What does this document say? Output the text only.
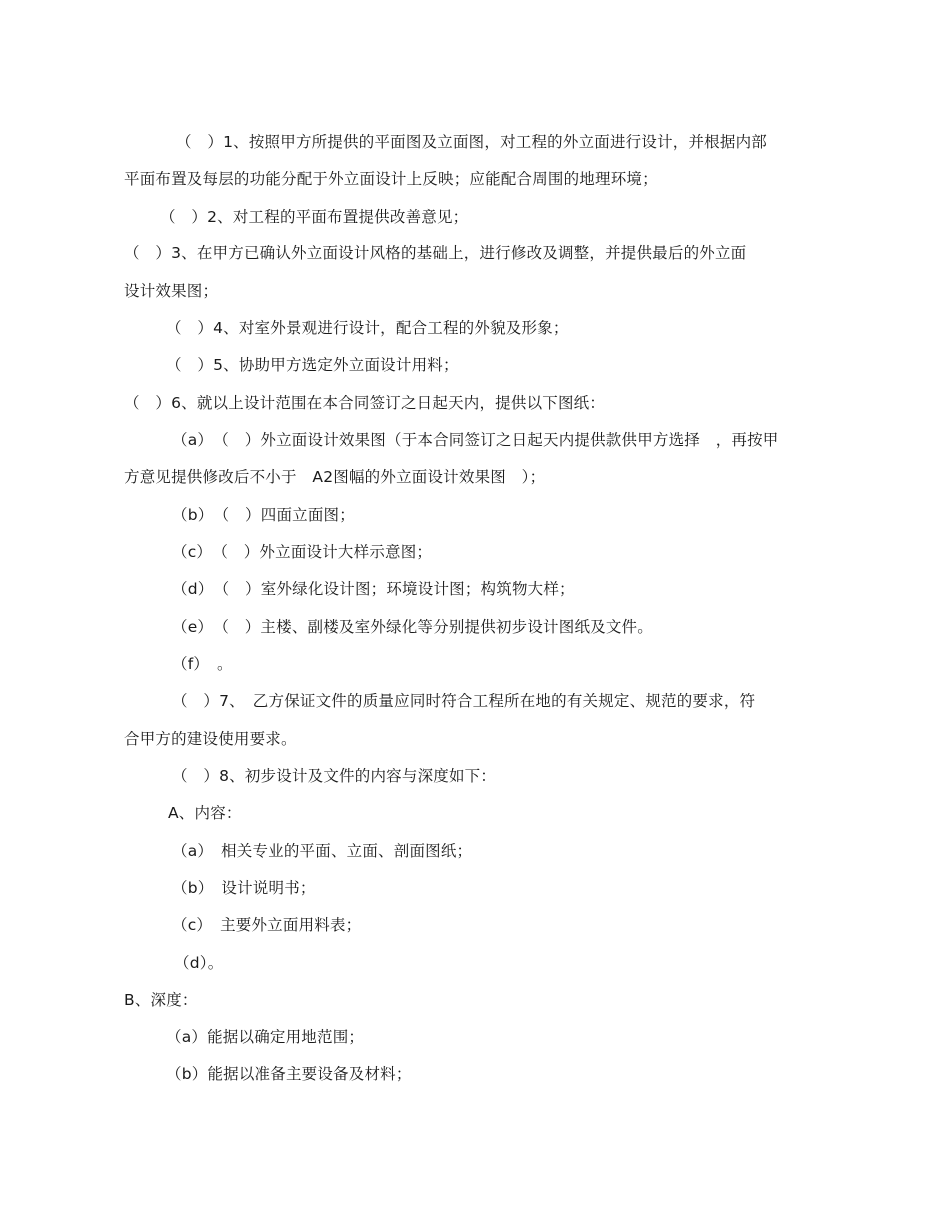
（　）1、按照甲方所提供的平面图及立面图，对工程的外立面进行设计，并根据内部
平面布置及每层的功能分配于外立面设计上反映；应能配合周围的地理环境；
（　）2、对工程的平面布置提供改善意见；
（　）3、在甲方已确认外立面设计风格的基础上，进行修改及调整，并提供最后的外立面
设计效果图；
（　）4、对室外景观进行设计，配合工程的外貌及形象；
（　）5、协助甲方选定外立面设计用料；
（　）6、就以上设计范围在本合同签订之日起天内，提供以下图纸：
（a）　（　）外立面设计效果图（于本合同签订之日起天内提供款供甲方选择　，再按甲
方意见提供修改后不小于　A2图幅的外立面设计效果图　）；
（b）　（　）四面立面图；
（c）　（　）外立面设计大样示意图；
（d）　（　）室外绿化设计图；环境设计图；构筑物大样；
（e）　（　）主楼、副楼及室外绿化等分别提供初步设计图纸及文件。
（f）　。
（　）7、　乙方保证文件的质量应同时符合工程所在地的有关规定、规范的要求，符
合甲方的建设使用要求。
（　）8、初步设计及文件的内容与深度如下：
A、内容：
（a）　相关专业的平面、立面、剖面图纸；
（b）　设计说明书；
（c）　主要外立面用料表；
（d）。
B、深度：
（a）能据以确定用地范围；
（b）能据以准备主要设备及材料；
